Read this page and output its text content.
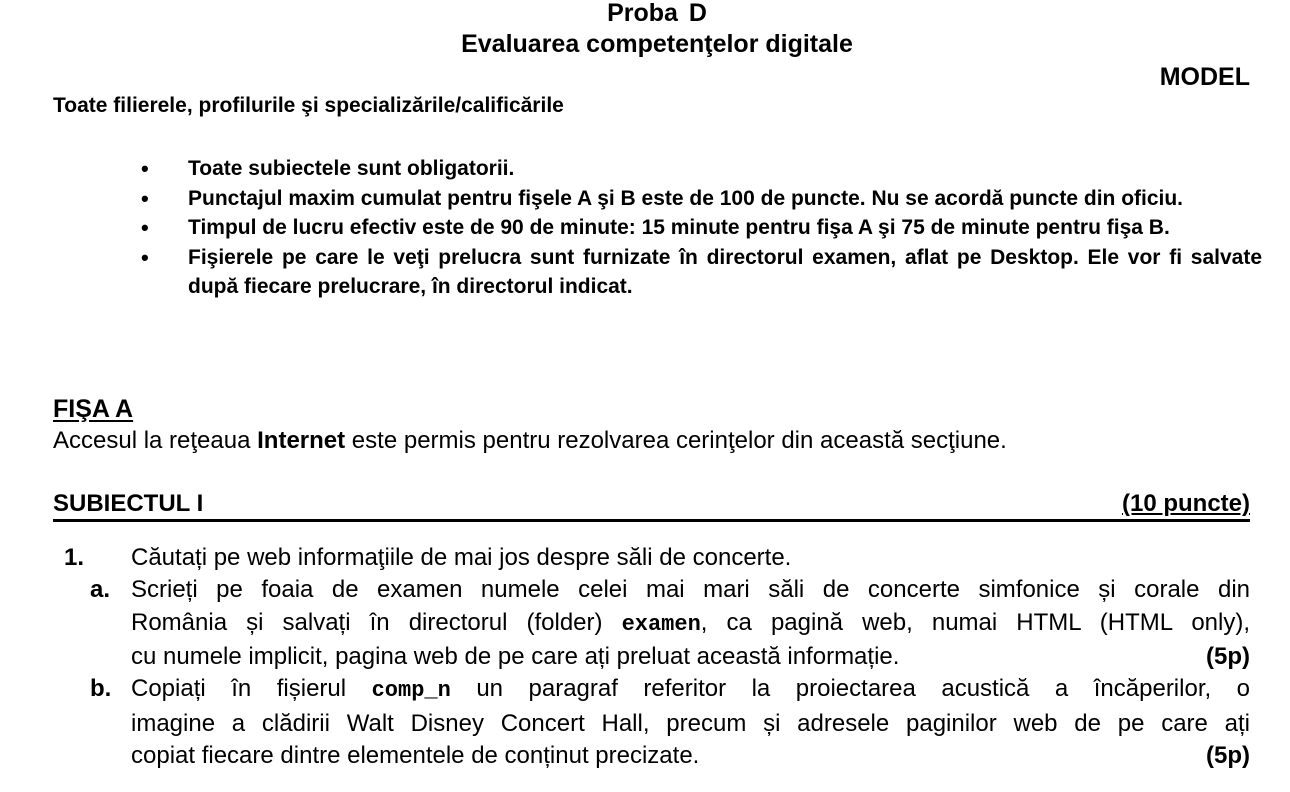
Proba D

Evaluarea competenţelor digitale

MODEL

Toate filierele, profilurile şi specializările/calificările

• Toate subiectele sunt obligatorii.
• Punctajul maxim cumulat pentru fişele A şi B este de 100 de puncte. Nu se acordă puncte din oficiu.
• Timpul de lucru efectiv este de 90 de minute: 15 minute pentru fişa A şi 75 de minute pentru fişa B.
• Fişierele pe care le veţi prelucra sunt furnizate în directorul examen, aflat pe Desktop. Ele vor fi salvate după fiecare prelucrare, în directorul indicat.

FIŞA A

Accesul la reţeaua Internet este permis pentru rezolvarea cerinţelor din această secţiune.

SUBIECTUL I	(10 puncte)
1. Căutați pe web informaţiile de mai jos despre săli de concerte.
a. Scrieți pe foaia de examen numele celei mai mari săli de concerte simfonice și corale din
România și salvați în directorul (folder) examen, ca pagină web, numai HTML (HTML only),
cu numele implicit, pagina web de pe care ați preluat această informație.	(5p)
b. Copiați în fișierul comp_n un paragraf referitor la proiectarea acustică a încăperilor, o
imagine a clădirii Walt Disney Concert Hall, precum și adresele paginilor web de pe care ați
copiat fiecare dintre elementele de conținut precizate.	(5p)
